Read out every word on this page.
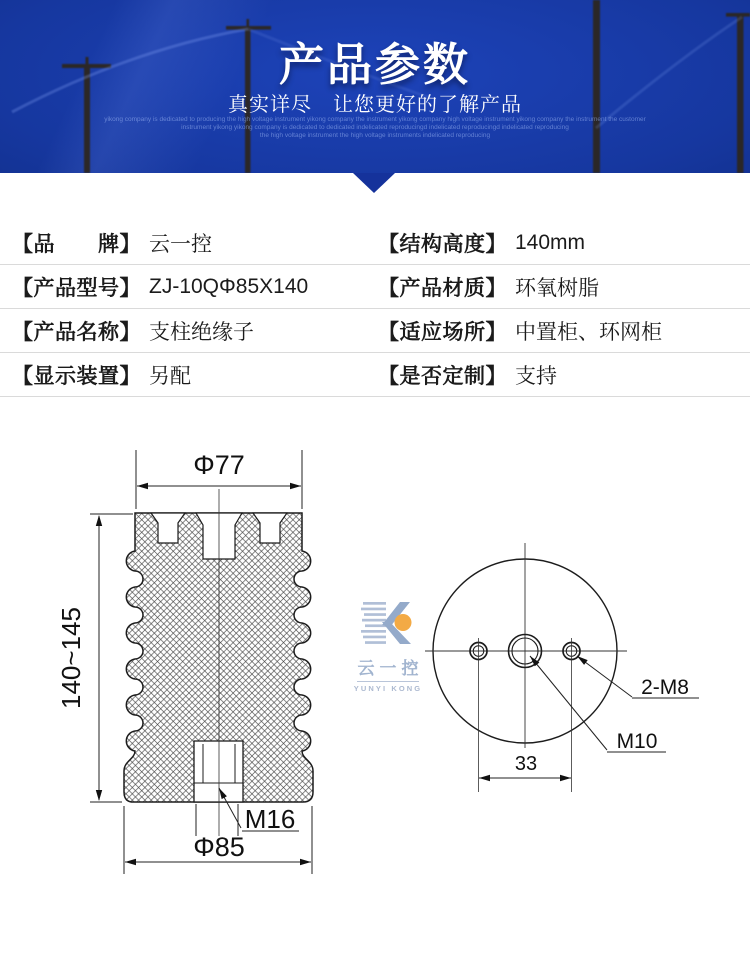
产品参数
真实详尽　让您更好的了解产品
yikong company is dedicated to producing the high voltage instrument yikong company the instrument yikong company high voltage instrument yikong company the instrument the customer
instrument yikong yikong company is dedicated to dedicated indelicated reproducingd indelicated reproducingd indelicated reproducing
the high voltage instrument the high voltage instruments indelicated reproducing
【品　　牌】 云一控	【结构高度】 140mm
【产品型号】 ZJ-10QΦ85X140	【产品材质】 环氧树脂
【产品名称】 支柱绝缘子	【适应场所】 中置柜、环网柜
【显示装置】 另配	【是否定制】 支持
Φ77
140~145
M16
Φ85
2-M8
M10
33
云一控
YUNYI KONG
